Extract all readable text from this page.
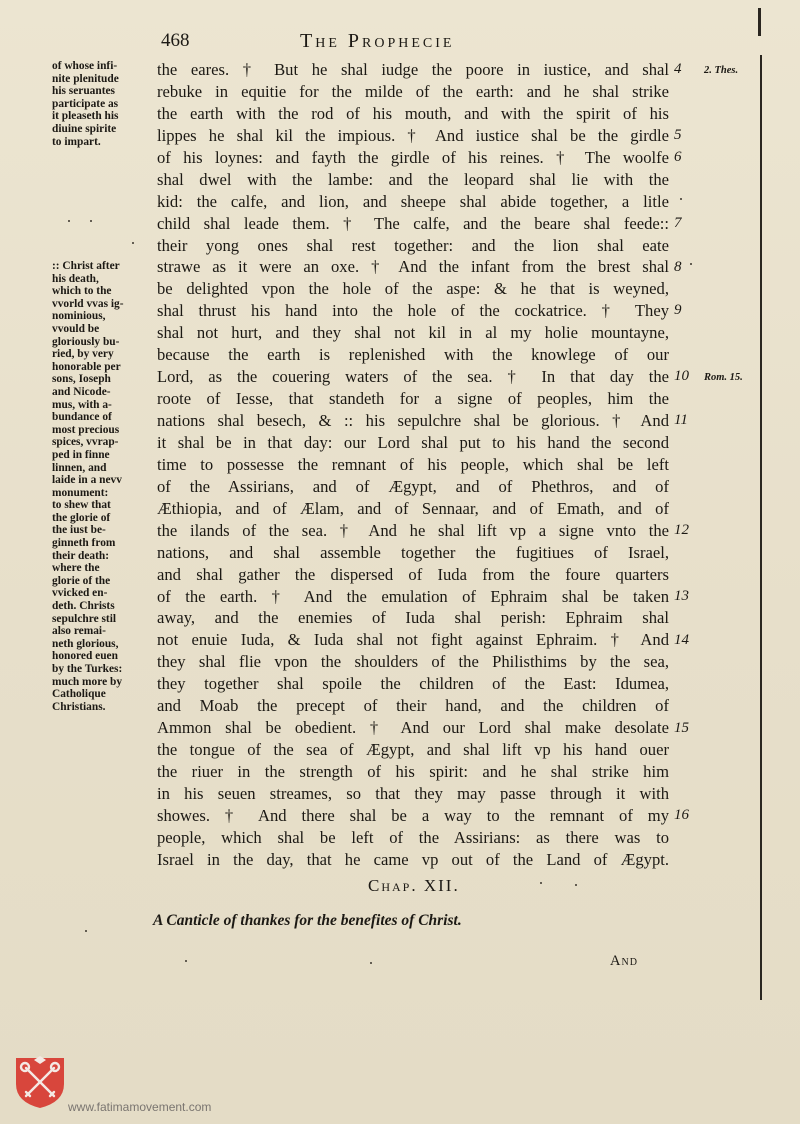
468	The Prophecie
of whose infi-
nite plenitude
his seruantes
participate as
it pleaseth his
diuine spirite
to impart.
:: Christ after
his death,
which to the
vvorld vvas ig-
nominious,
vvould be
gloriously bu-
ried, by very
honorable per
sons, Ioseph
and Nicode-
mus, with a-
bundance of
most precious
spices, vvrap-
ped in finne
linnen, and
laide in a nevv
monument:
to shew that
the glorie of
the iust be-
ginneth from
their death:
where the
glorie of the
vvicked en-
deth. Christs
sepulchre stil
also remai-
neth glorious,
honored euen
by the Turkes:
much more by
Catholique
Christians.
the eares. † But he shal iudge the poore in iustice, and shal
rebuke in equitie for the milde of the earth: and he shal strike
the earth with the rod of his mouth, and with the spirit of his
lippes he shal kil the impious. † And iustice shal be the girdle
of his loynes: and fayth the girdle of his reines. † The woolfe
shal dwel with the lambe: and the leopard shal lie with the
kid: the calfe, and lion, and sheepe shal abide together, a litle
child shal leade them. † The calfe, and the beare shal feede::
their yong ones shal rest together: and the lion shal eate
strawe as it were an oxe. † And the infant from the brest shal
be delighted vpon the hole of the aspe: & he that is weyned,
shal thrust his hand into the hole of the cockatrice. † They
shal not hurt, and they shal not kil in al my holie mountayne,
because the earth is replenished with the knowlege of our
Lord, as the couering waters of the sea. † In that day the
roote of Iesse, that standeth for a signe of peoples, him the
nations shal besech, & :: his sepulchre shal be glorious. † And
it shal be in that day: our Lord shal put to his hand the second
time to possesse the remnant of his people, which shal be left
of the Assirians, and of Ægypt, and of Phethros, and of
Æthiopia, and of Ælam, and of Sennaar, and of Emath, and of
the ilands of the sea. † And he shal lift vp a signe vnto the
nations, and shal assemble together the fugitiues of Israel,
and shal gather the dispersed of Iuda from the foure quarters
of the earth. † And the emulation of Ephraim shal be taken
away, and the enemies of Iuda shal perish: Ephraim shal
not enuie Iuda, & Iuda shal not fight against Ephraim. † And
they shal flie vpon the shoulders of the Philisthims by the sea,
they together shal spoile the children of the East: Idumea,
and Moab the precept of their hand, and the children of
Ammon shal be obedient. † And our Lord shal make desolate
the tongue of the sea of Ægypt, and shal lift vp his hand ouer
the riuer in the strength of his spirit: and he shal strike him
in his seuen streames, so that they may passe through it with
showes. † And there shal be a way to the remnant of my
people, which shal be left of the Assirians: as there was to
Israel in the day, that he came vp out of the Land of Ægypt.
4
5
6
7
8
9
10
11
12
13
14
15
16
2. Thes.
Rom. 15.
Chap. XII.
A Canticle of thankes for the benefites of Christ.
And
www.fatimamovement.com
